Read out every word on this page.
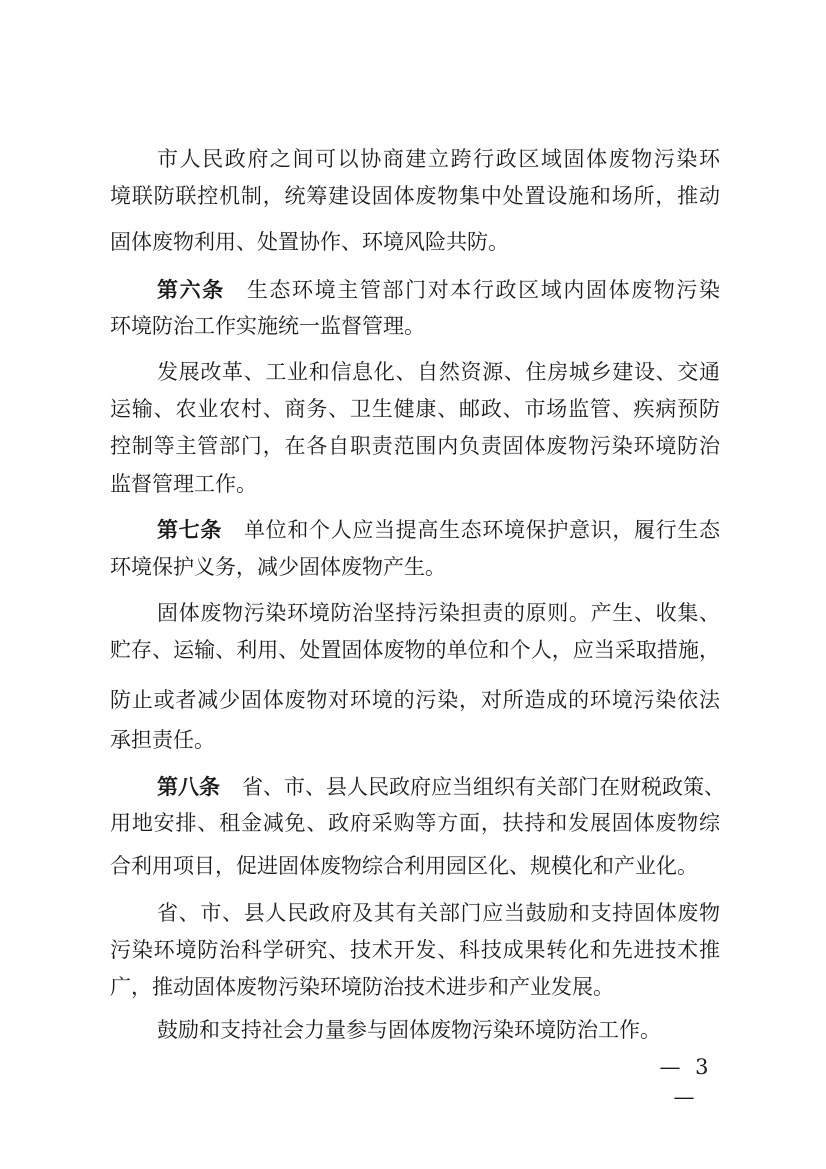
市人民政府之间可以协商建立跨行政区域固体废物污染环
境联防联控机制，统筹建设固体废物集中处置设施和场所，推动
固体废物利用、处置协作、环境风险共防。
第六条 生态环境主管部门对本行政区域内固体废物污染
环境防治工作实施统一监督管理。
发展改革、工业和信息化、自然资源、住房城乡建设、交通
运输、农业农村、商务、卫生健康、邮政、市场监管、疾病预防
控制等主管部门，在各自职责范围内负责固体废物污染环境防治
监督管理工作。
第七条 单位和个人应当提高生态环境保护意识，履行生态
环境保护义务，减少固体废物产生。
固体废物污染环境防治坚持污染担责的原则。产生、收集、
贮存、运输、利用、处置固体废物的单位和个人，应当采取措施，
防止或者减少固体废物对环境的污染，对所造成的环境污染依法
承担责任。
第八条 省、市、县人民政府应当组织有关部门在财税政策、
用地安排、租金减免、政府采购等方面，扶持和发展固体废物综
合利用项目，促进固体废物综合利用园区化、规模化和产业化。
省、市、县人民政府及其有关部门应当鼓励和支持固体废物
污染环境防治科学研究、技术开发、科技成果转化和先进技术推
广，推动固体废物污染环境防治技术进步和产业发展。
鼓励和支持社会力量参与固体废物污染环境防治工作。
— 3 —
